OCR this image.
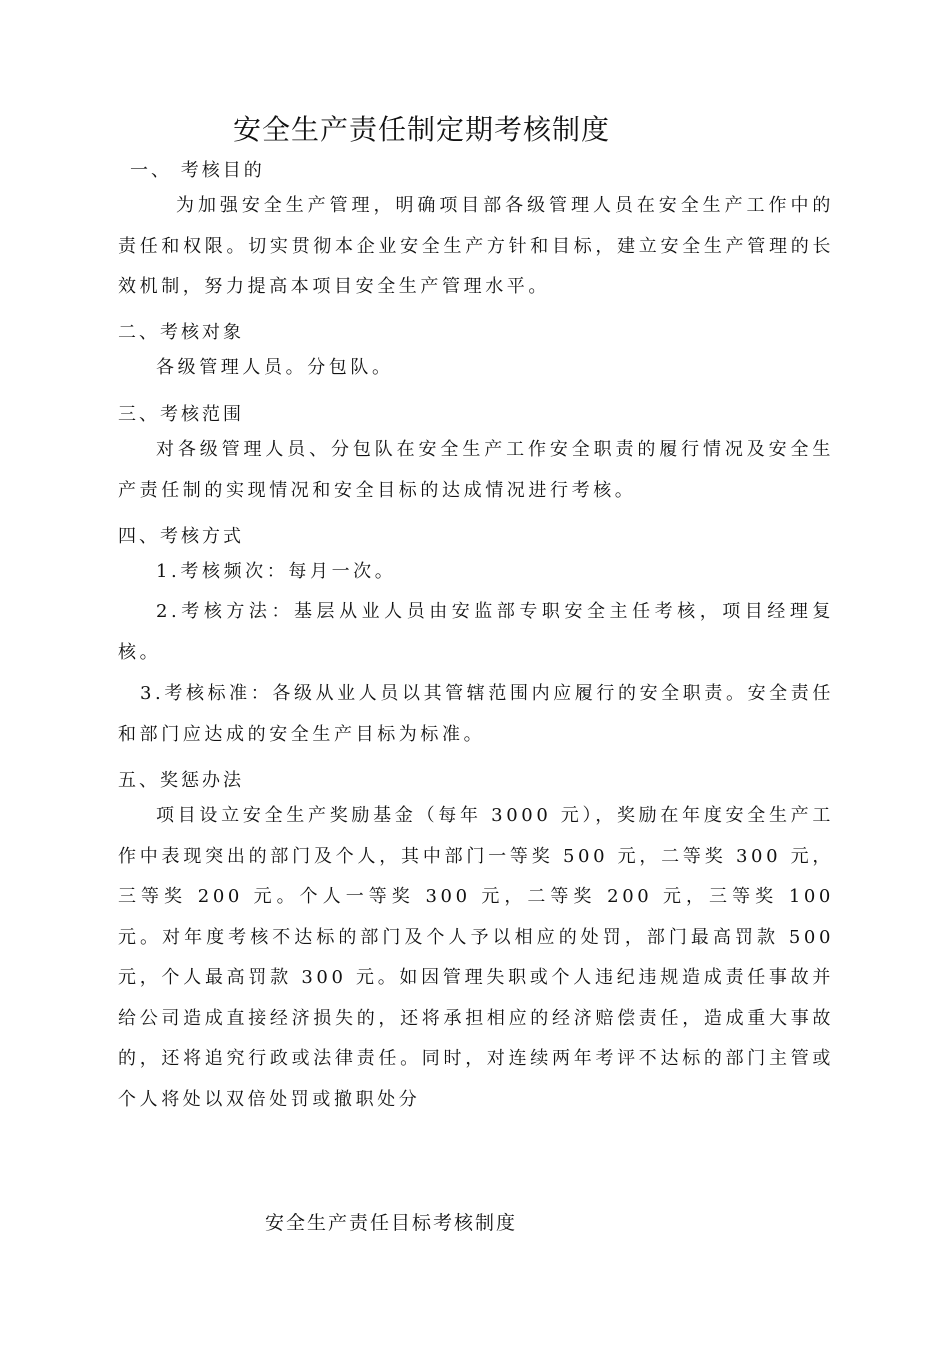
安全生产责任制定期考核制度
一、 考核目的
为加强安全生产管理，明确项目部各级管理人员在安全生产工作中的责任和权限。切实贯彻本企业安全生产方针和目标，建立安全生产管理的长效机制，努力提高本项目安全生产管理水平。
二、考核对象
各级管理人员。分包队。
三、考核范围
对各级管理人员、分包队在安全生产工作安全职责的履行情况及安全生产责任制的实现情况和安全目标的达成情况进行考核。
四、考核方式
1.考核频次：每月一次。
2.考核方法：基层从业人员由安监部专职安全主任考核，项目经理复核。
3.考核标准：各级从业人员以其管辖范围内应履行的安全职责。安全责任和部门应达成的安全生产目标为标准。
五、奖惩办法
项目设立安全生产奖励基金（每年 3000 元），奖励在年度安全生产工作中表现突出的部门及个人，其中部门一等奖 500 元，二等奖 300 元，三等奖 200 元。个人一等奖 300 元，二等奖 200 元，三等奖 100 元。对年度考核不达标的部门及个人予以相应的处罚，部门最高罚款 500 元，个人最高罚款 300 元。如因管理失职或个人违纪违规造成责任事故并给公司造成直接经济损失的，还将承担相应的经济赔偿责任，造成重大事故的，还将追究行政或法律责任。同时，对连续两年考评不达标的部门主管或个人将处以双倍处罚或撤职处分
安全生产责任目标考核制度
